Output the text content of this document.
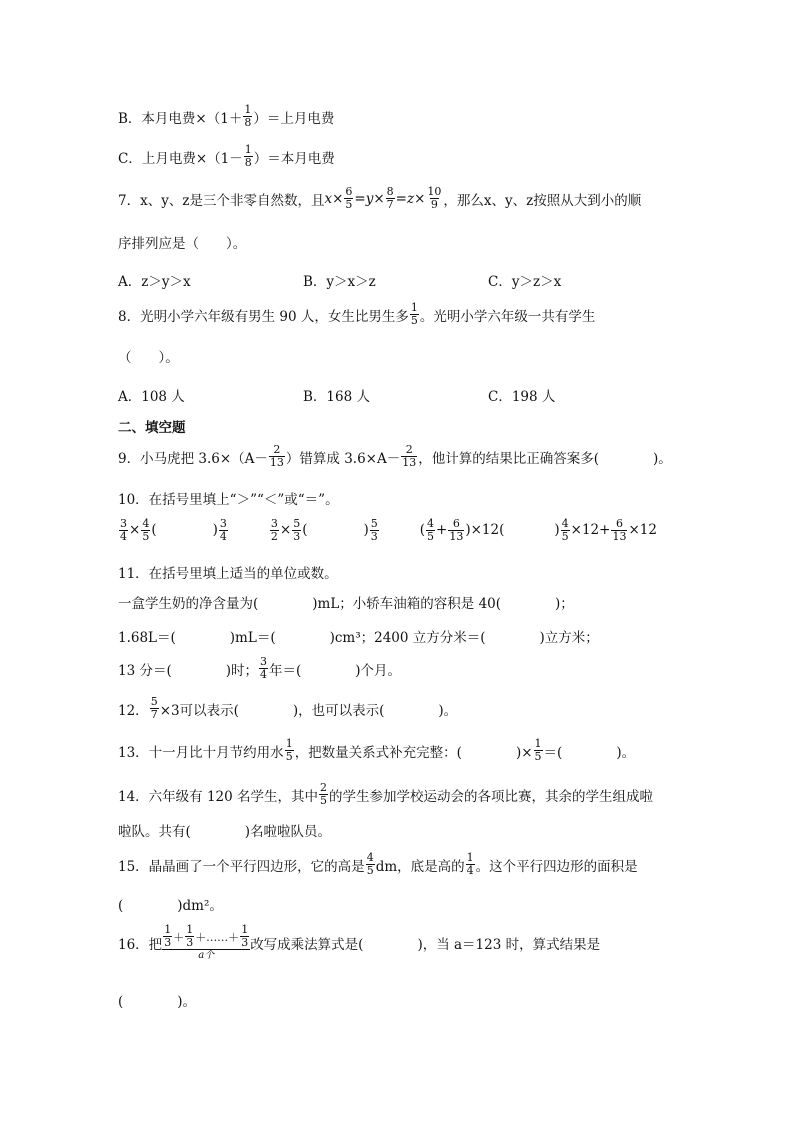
B．本月电费$\times(1+ \frac{1}{8}$ ）＝上月电费
C．上月电费$\times(1- \frac{1}{8}$ ）＝本月电费
7．x、y、z是三个非零自然数，且 $x \times \frac{6}{5} = y \times \frac{8}{7} = z \times \frac{10}{9}$ ，那么x、y、z按照从大到小的顺
序排列应是（　　）。
A．z＞y＞x	B．y＞x＞z	C．y＞z＞x
8．光明小学六年级有男生 90 人，女生比男生多 $\frac{1}{5}$ 。光明小学六年级一共有学生
（　　）。
A．108 人	B．168 人	C．198 人
二、填空题
9．小马虎把 $3.6\times(A- \frac{2}{13}$ ）错算成 $3.6\times A- \frac{2}{13}$ ，他计算的结果比正确答案多(　　　　)。
10．在括号里填上“＞”“＜”或“＝”。
$\frac{3}{4} \times \frac{4}{5}$ (	) $\frac{3}{4}$	$\frac{3}{2} \times \frac{5}{3}$ (	) $\frac{5}{3}$	( $\frac{4}{5} + \frac{6}{13} )\times 12$(	) $\frac{4}{5} \times 12+ \frac{6}{13} \times 12$
11．在括号里填上适当的单位或数。
一盒学生奶的净含量为(　　　　)mL；小轿车油箱的容积是 40(　　　　)；
1.68L＝(　　　　)mL＝(　　　　)cm³；2400 立方分米＝(　　　　)立方米；
13 分＝(　　　　)时； $\frac{3}{4}$ 年＝(　　　　)个月。
12． $\frac{5}{7} \times 3$可以表示(　　　　)，也可以表示(　　　　)。
13．十一月比十月节约用水 $\frac{1}{5}$ ，把数量关系式补充完整：(　　　　)× $\frac{1}{5}$ ＝(　　　　)。
14．六年级有 120 名学生，其中 $\frac{2}{5}$ 的学生参加学校运动会的各项比赛，其余的学生组成啦
啦队。共有(　　　　)名啦啦队员。
15．晶晶画了一个平行四边形，它的高是 $\frac{4}{5}$ dm，底是高的 $\frac{1}{4}$ 。这个平行四边形的面积是
(　　　　)dm²。
16．把 $\frac{1}{3} + \frac{1}{3}$ ＋……＋ $\frac{1}{3}$
a个
改写成乘法算式是(　　　　)，当 a＝123 时，算式结果是
(　　　　)。
